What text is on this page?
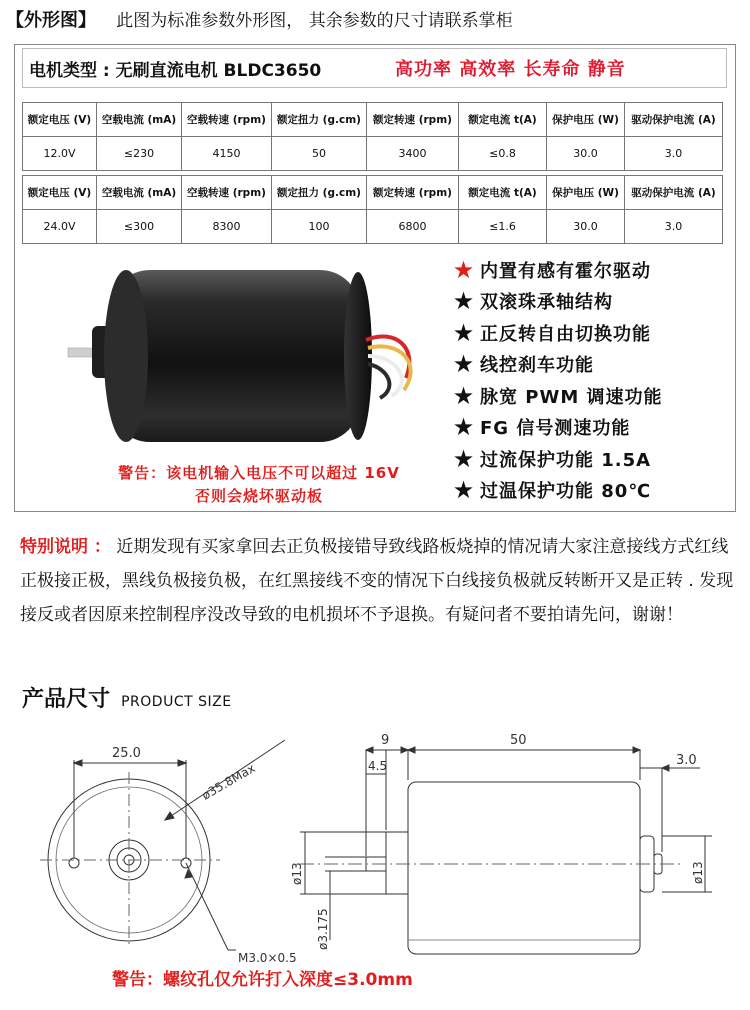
【外形图】 此图为标准参数外形图， 其余参数的尺寸请联系掌柜
电机类型 : 无刷直流电机 BLDC3650	高功率 高效率 长寿命 静音
额定电压 (V)	空载电流 (mA)	空载转速 (rpm)	额定扭力 (g.cm)	额定转速 (rpm)	额定电流 t(A)	保护电压 (W)	驱动保护电流 (A)
12.0V	≤230	4150	50	3400	≤0.8	30.0	3.0
额定电压 (V)	空载电流 (mA)	空载转速 (rpm)	额定扭力 (g.cm)	额定转速 (rpm)	额定电流 t(A)	保护电压 (W)	驱动保护电流 (A)
24.0V	≤300	8300	100	6800	≤1.6	30.0	3.0
★ 内置有感有霍尔驱动
★ 双滚珠承轴结构
★ 正反转自由切换功能
★ 线控刹车功能
★ 脉宽 PWM 调速功能
★ FG 信号测速功能
★ 过流保护功能 1.5A
★ 过温保护功能 80℃
警告：该电机输入电压不可以超过 16V
否则会烧坏驱动板
特别说明 ： 近期发现有买家拿回去正负极接错导致线路板烧掉的情况请大家注意接线方式红线正极接正极，黑线负极接负极，在红黑接线不变的情况下白线接负极就反转断开又是正转 . 发现接反或者因原来控制程序没改导致的电机损坏不予退换。有疑问者不要拍请先问，谢谢！
产品尺寸 PRODUCT SIZE
25.0
ø35.8Max
M3.0×0.5
9
4.5
50
3.0
ø13
ø3.175
ø13
警告：螺纹孔仅允许打入深度≤3.0mm
